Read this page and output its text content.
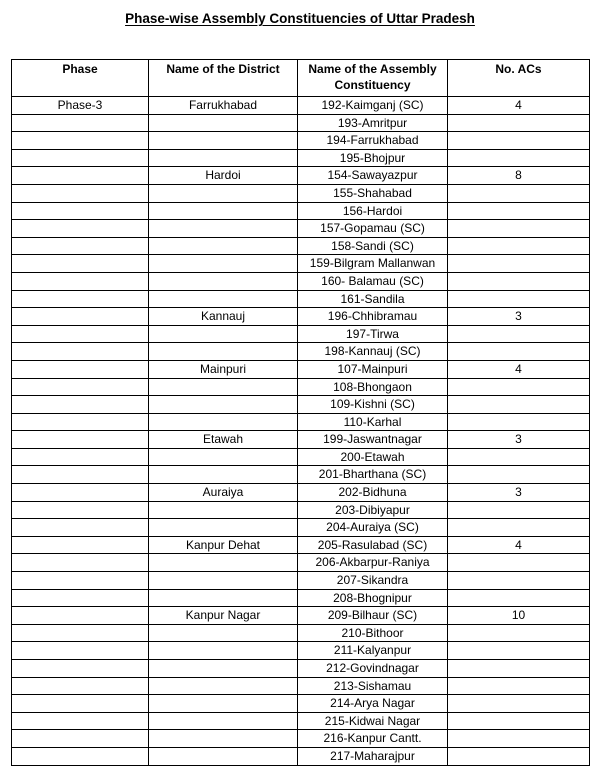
Phase-wise Assembly Constituencies of Uttar Pradesh
Phase	Name of the District	Name of the Assembly Constituency	No. ACs
Phase-3	Farrukhabad	192-Kaimganj (SC)	4
		193-Amritpur	
		194-Farrukhabad	
		195-Bhojpur	
	Hardoi	154-Sawayazpur	8
		155-Shahabad	
		156-Hardoi	
		157-Gopamau (SC)	
		158-Sandi (SC)	
		159-Bilgram Mallanwan	
		160- Balamau (SC)	
		161-Sandila	
	Kannauj	196-Chhibramau	3
		197-Tirwa	
		198-Kannauj (SC)	
	Mainpuri	107-Mainpuri	4
		108-Bhongaon	
		109-Kishni (SC)	
		110-Karhal	
	Etawah	199-Jaswantnagar	3
		200-Etawah	
		201-Bharthana (SC)	
	Auraiya	202-Bidhuna	3
		203-Dibiyapur	
		204-Auraiya (SC)	
	Kanpur Dehat	205-Rasulabad (SC)	4
		206-Akbarpur-Raniya	
		207-Sikandra	
		208-Bhognipur	
	Kanpur Nagar	209-Bilhaur (SC)	10
		210-Bithoor	
		211-Kalyanpur	
		212-Govindnagar	
		213-Sishamau	
		214-Arya Nagar	
		215-Kidwai Nagar	
		216-Kanpur Cantt.	
		217-Maharajpur	
